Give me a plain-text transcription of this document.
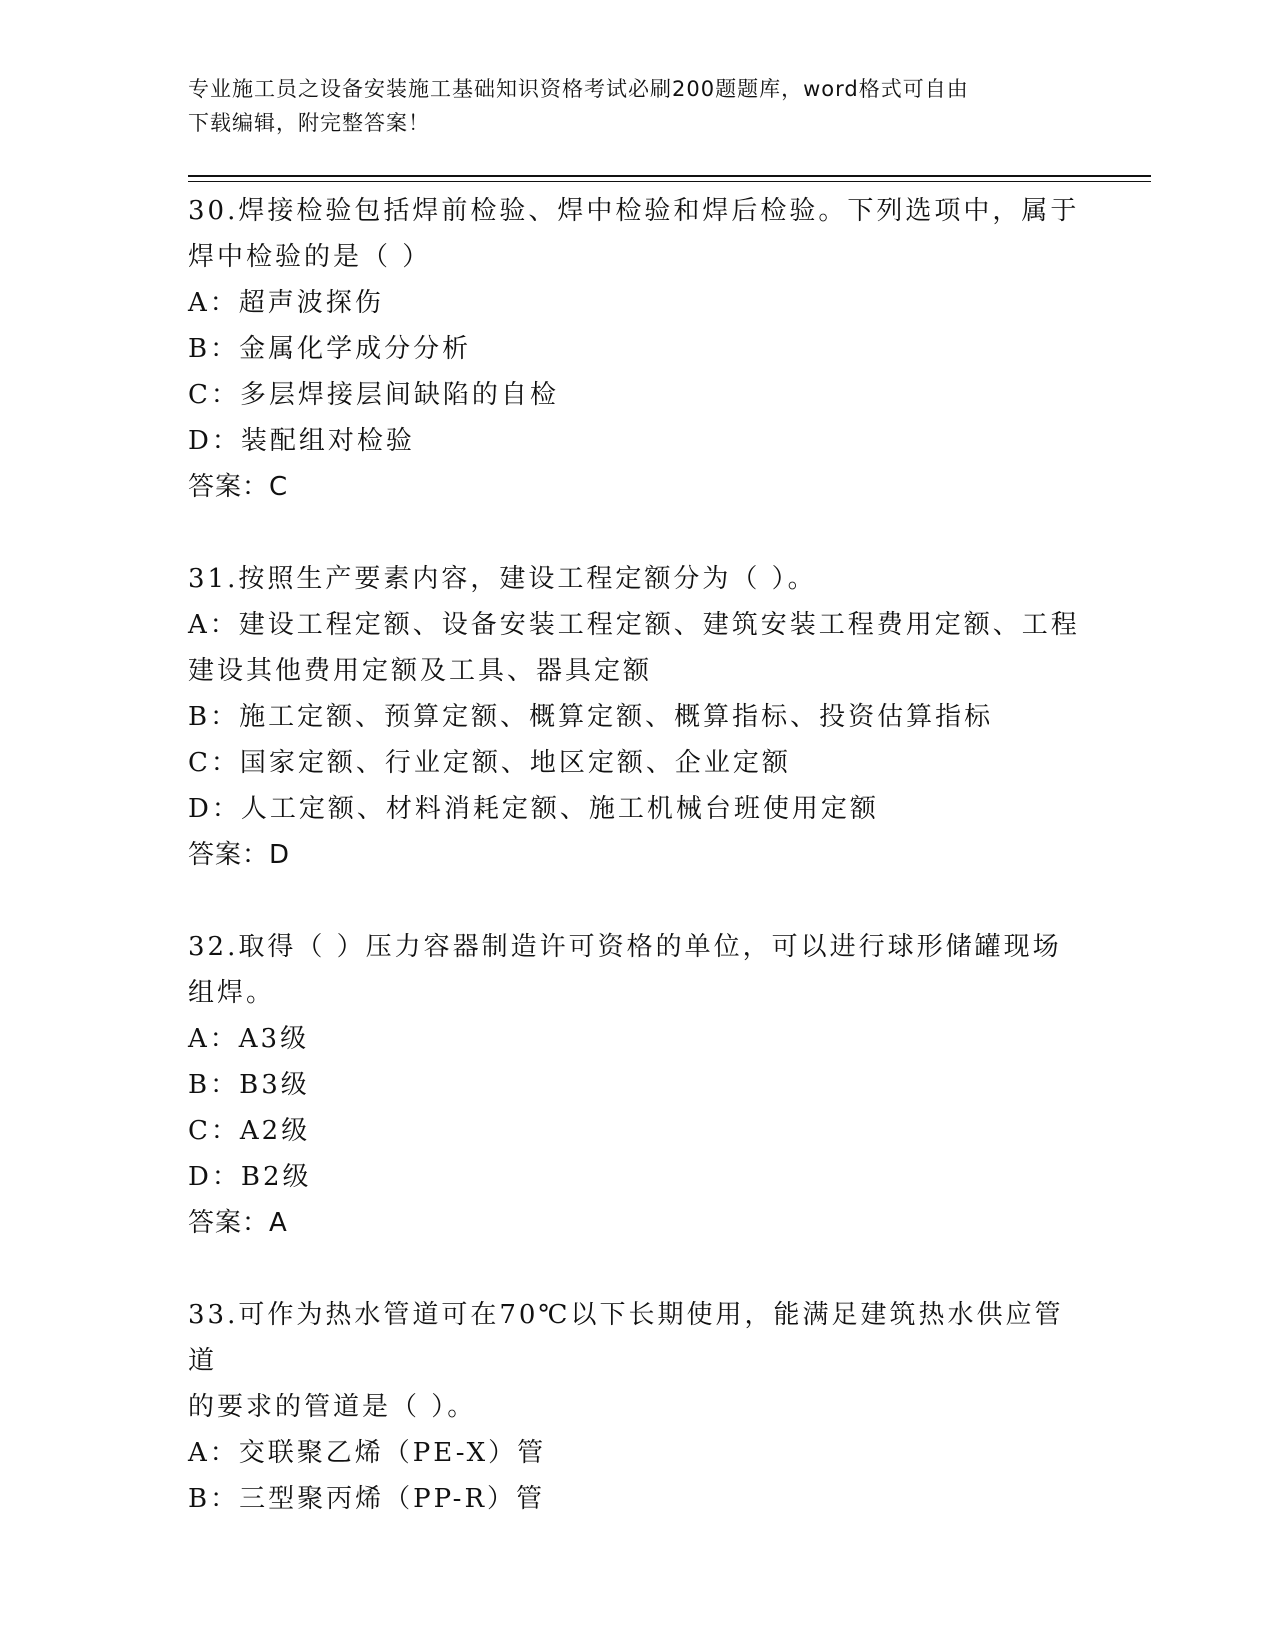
专业施工员之设备安装施工基础知识资格考试必刷200题题库，word格式可自由
下载编辑，附完整答案！

30.焊接检验包括焊前检验、焊中检验和焊后检验。下列选项中，属于

焊中检验的是（ ）

A：超声波探伤

B：金属化学成分分析

C：多层焊接层间缺陷的自检

D：装配组对检验

答案：C

31.按照生产要素内容，建设工程定额分为（ ）。

A：建设工程定额、设备安装工程定额、建筑安装工程费用定额、工程

建设其他费用定额及工具、器具定额

B：施工定额、预算定额、概算定额、概算指标、投资估算指标

C：国家定额、行业定额、地区定额、企业定额

D：人工定额、材料消耗定额、施工机械台班使用定额

答案：D

32.取得（ ）压力容器制造许可资格的单位，可以进行球形储罐现场

组焊。

A：A3级

B：B3级

C：A2级

D：B2级

答案：A

33.可作为热水管道可在70℃以下长期使用，能满足建筑热水供应管道

的要求的管道是（ ）。

A：交联聚乙烯（PE-X）管

B：三型聚丙烯（PP-R）管
